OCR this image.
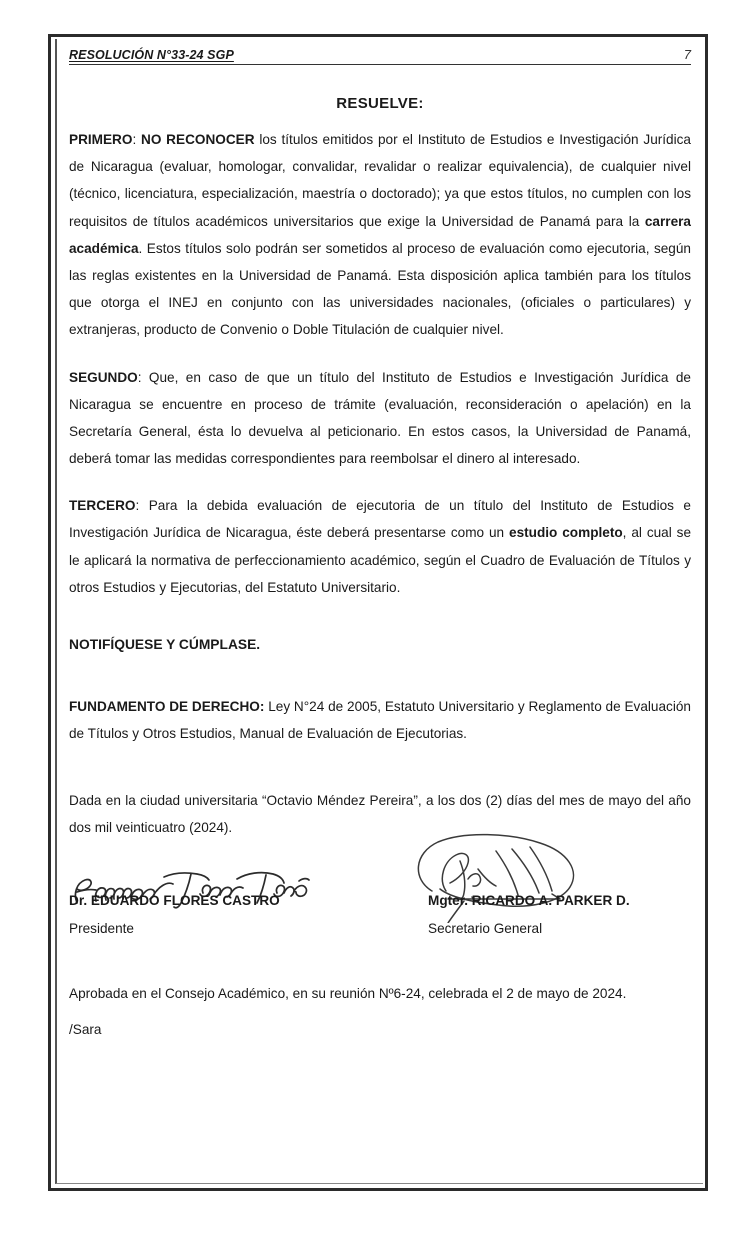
RESOLUCIÓN N°33-24 SGP	7
RESUELVE:

PRIMERO: NO RECONOCER los títulos emitidos por el Instituto de Estudios e Investigación Jurídica de Nicaragua (evaluar, homologar, convalidar, revalidar o realizar equivalencia), de cualquier nivel (técnico, licenciatura, especialización, maestría o doctorado); ya que estos títulos, no cumplen con los requisitos de títulos académicos universitarios que exige la Universidad de Panamá para la carrera académica. Estos títulos solo podrán ser sometidos al proceso de evaluación como ejecutoria, según las reglas existentes en la Universidad de Panamá. Esta disposición aplica también para los títulos que otorga el INEJ en conjunto con las universidades nacionales, (oficiales o particulares) y extranjeras, producto de Convenio o Doble Titulación de cualquier nivel.

SEGUNDO: Que, en caso de que un título del Instituto de Estudios e Investigación Jurídica de Nicaragua se encuentre en proceso de trámite (evaluación, reconsideración o apelación) en la Secretaría General, ésta lo devuelva al peticionario. En estos casos, la Universidad de Panamá, deberá tomar las medidas correspondientes para reembolsar el dinero al interesado.

TERCERO: Para la debida evaluación de ejecutoria de un título del Instituto de Estudios e Investigación Jurídica de Nicaragua, éste deberá presentarse como un estudio completo, al cual se le aplicará la normativa de perfeccionamiento académico, según el Cuadro de Evaluación de Títulos y otros Estudios y Ejecutorias, del Estatuto Universitario.

NOTIFÍQUESE Y CÚMPLASE.

FUNDAMENTO DE DERECHO: Ley N°24 de 2005, Estatuto Universitario y Reglamento de Evaluación de Títulos y Otros Estudios, Manual de Evaluación de Ejecutorias.

Dada en la ciudad universitaria “Octavio Méndez Pereira”, a los dos (2) días del mes de mayo del año dos mil veinticuatro (2024).

Dr. EDUARDO FLORES CASTRO
Presidente
Mgter. RICARDO A. PARKER D.
Secretario General
Aprobada en el Consejo Académico, en su reunión Nº6-24, celebrada el 2 de mayo de 2024.
/Sara
